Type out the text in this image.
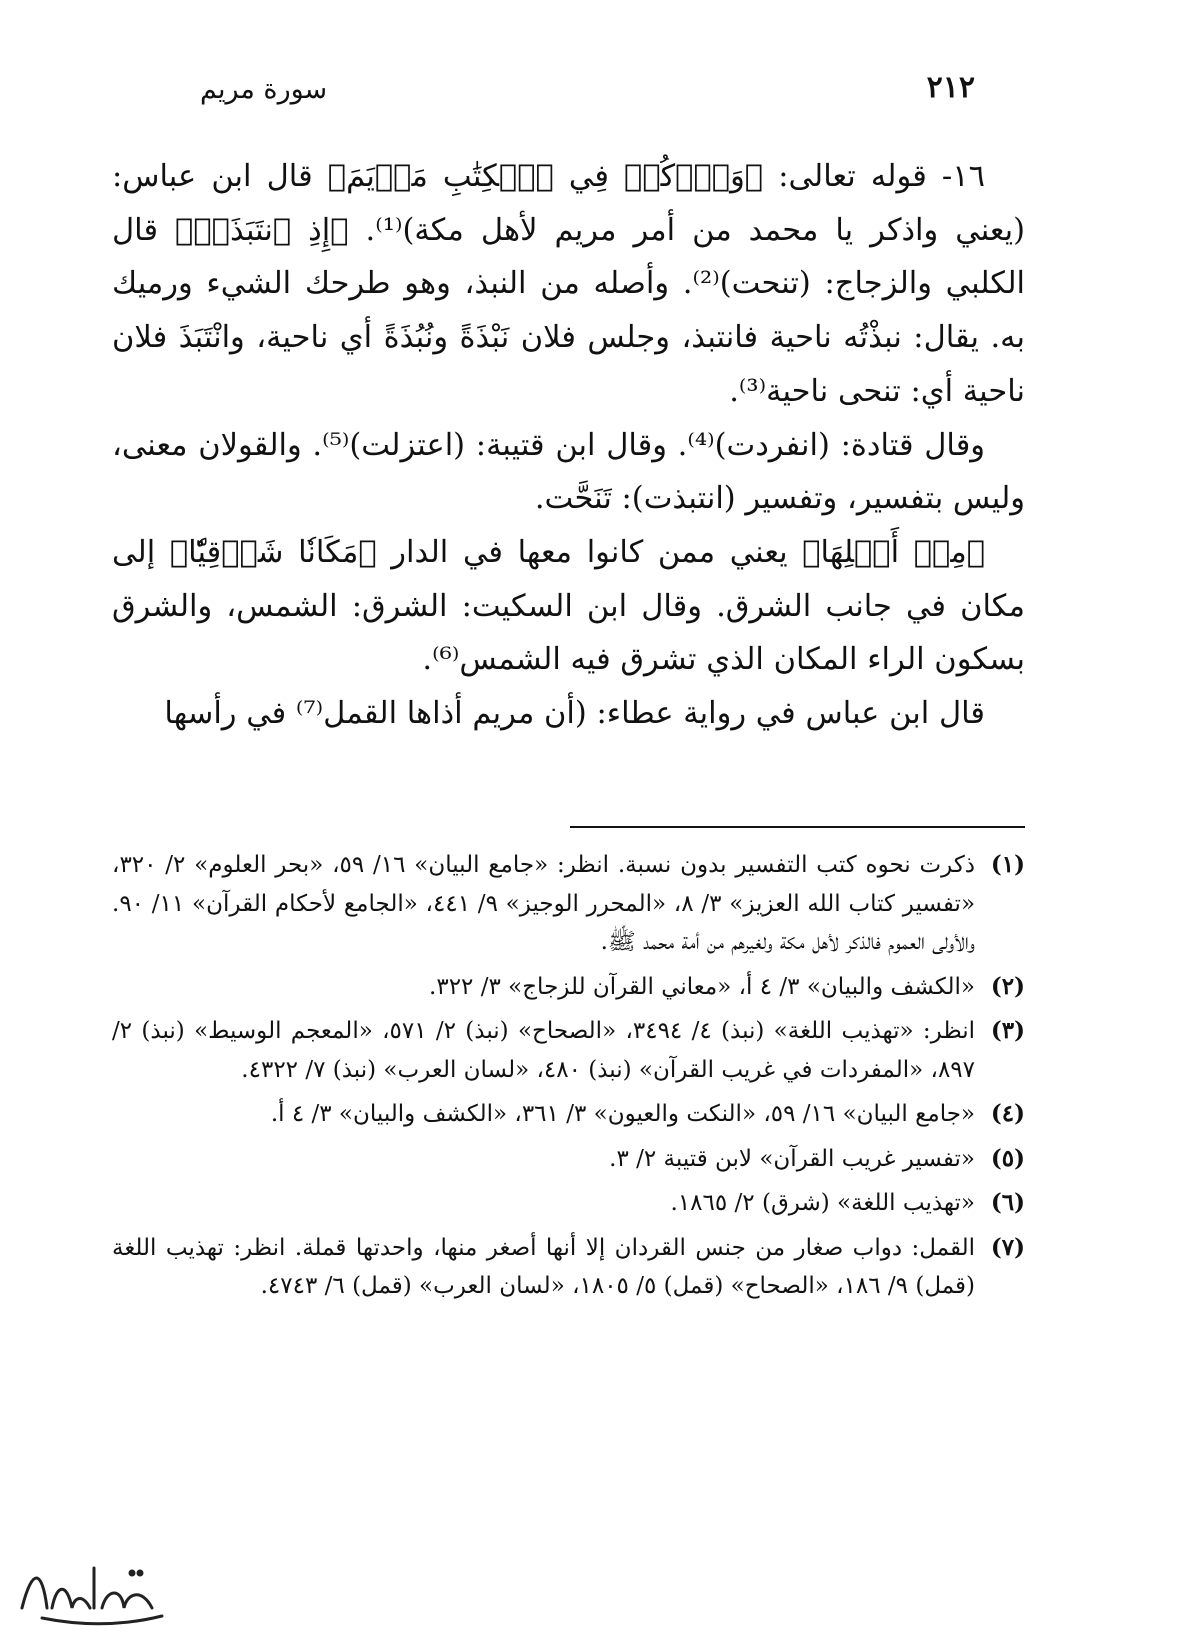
٢١٢
سورة مريم

١٦- قوله تعالى: ﴿وَٱذۡكُرۡ فِي ٱلۡكِتَٰبِ مَرۡيَمَ﴾ قال ابن عباس: (يعني واذكر يا محمد من أمر مريم لأهل مكة)⁽¹⁾. ﴿إِذِ ٱنتَبَذَتۡ﴾ قال الكلبي والزجاج: (تنحت)⁽²⁾. وأصله من النبذ، وهو طرحك الشيء ورميك به. يقال: نبذْتُه ناحية فانتبذ، وجلس فلان نَبْذَةً ونُبُذَةً أي ناحية، وانْتَبَذَ فلان ناحية أي: تنحى ناحية⁽³⁾.

وقال قتادة: (انفردت)⁽⁴⁾. وقال ابن قتيبة: (اعتزلت)⁽⁵⁾. والقولان معنى، وليس بتفسير، وتفسير (انتبذت): تَنَحَّت.

﴿مِنۡ أَهۡلِهَا﴾ يعني ممن كانوا معها في الدار ﴿مَكَانٗا شَرۡقِيّٗا﴾ إلى مكان في جانب الشرق. وقال ابن السكيت: الشرق: الشمس، والشرق بسكون الراء المكان الذي تشرق فيه الشمس⁽⁶⁾.

قال ابن عباس في رواية عطاء: (أن مريم أذاها القمل⁽⁷⁾ في رأسها

(١)
ذكرت نحوه كتب التفسير بدون نسبة. انظر: «جامع البيان» ١٦/ ٥٩، «بحر العلوم» ٢/ ٣٢٠، «تفسير كتاب الله العزيز» ٣/ ٨، «المحرر الوجيز» ٩/ ٤٤١، «الجامع لأحكام القرآن» ١١/ ٩٠. والأولى العموم فالذكر لأهل مكة ولغيرهم من أمة محمد ﷺ.
(٢)
«الكشف والبيان» ٣/ ٤ أ، «معاني القرآن للزجاج» ٣/ ٣٢٢.
(٣)
انظر: «تهذيب اللغة» (نبذ) ٤/ ٣٤٩٤، «الصحاح» (نبذ) ٢/ ٥٧١، «المعجم الوسيط» (نبذ) ٢/ ٨٩٧، «المفردات في غريب القرآن» (نبذ) ٤٨٠، «لسان العرب» (نبذ) ٧/ ٤٣٢٢.
(٤)
«جامع البيان» ١٦/ ٥٩، «النكت والعيون» ٣/ ٣٦١، «الكشف والبيان» ٣/ ٤ أ.
(٥)
«تفسير غريب القرآن» لابن قتيبة ٢/ ٣.
(٦)
«تهذيب اللغة» (شرق) ٢/ ١٨٦٥.
(٧)
القمل: دواب صغار من جنس القردان إلا أنها أصغر منها، واحدتها قملة. انظر: تهذيب اللغة (قمل) ٩/ ١٨٦، «الصحاح» (قمل) ٥/ ١٨٠٥، «لسان العرب» (قمل) ٦/ ٤٧٤٣.
